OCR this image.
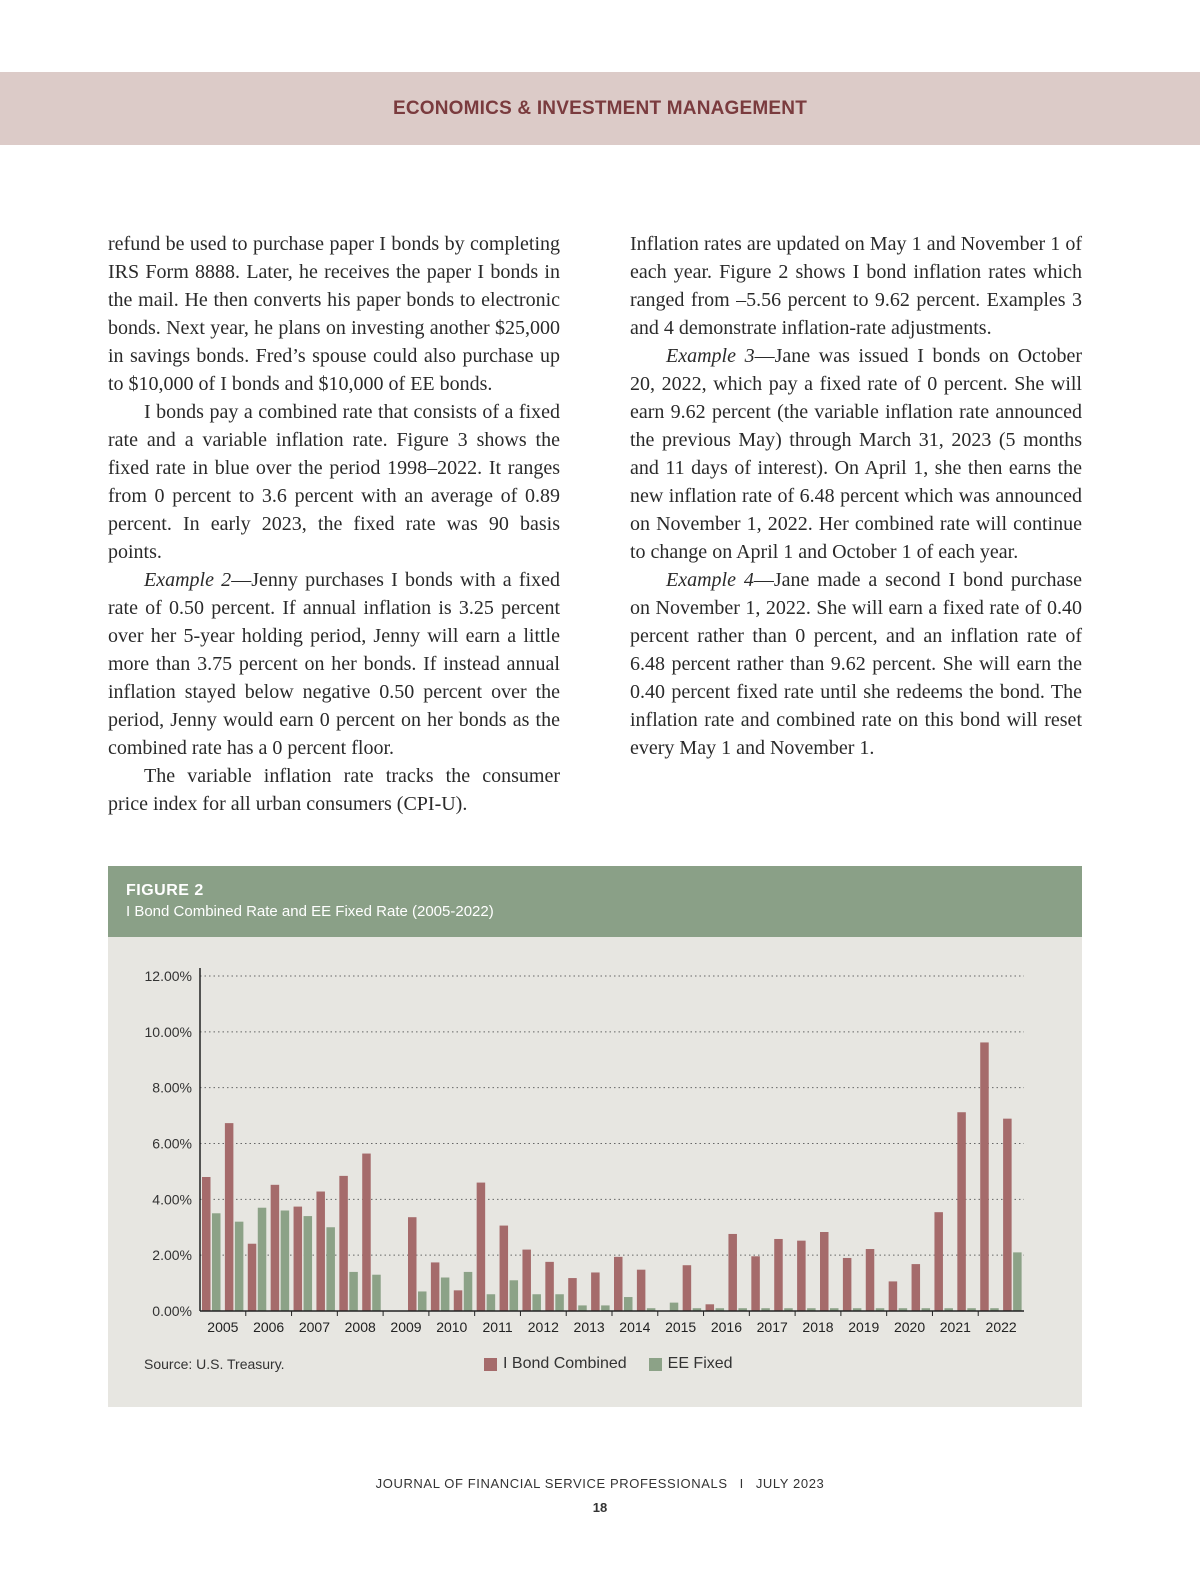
ECONOMICS & INVESTMENT MANAGEMENT

refund be used to purchase paper I bonds by completing IRS Form 8888. Later, he receives the paper I bonds in the mail. He then converts his paper bonds to electronic bonds. Next year, he plans on investing another $25,000 in savings bonds. Fred’s spouse could also purchase up to $10,000 of I bonds and $10,000 of EE bonds.

I bonds pay a combined rate that consists of a fixed rate and a variable inflation rate. Figure 3 shows the fixed rate in blue over the period 1998–2022. It ranges from 0 percent to 3.6 percent with an average of 0.89 percent. In early 2023, the fixed rate was 90 basis points.

Example 2—Jenny purchases I bonds with a fixed rate of 0.50 percent. If annual inflation is 3.25 percent over her 5-year holding period, Jenny will earn a little more than 3.75 percent on her bonds. If instead annual inflation stayed below negative 0.50 percent over the period, Jenny would earn 0 percent on her bonds as the combined rate has a 0 percent floor.

The variable inflation rate tracks the consumer price index for all urban consumers (CPI-U).

Inflation rates are updated on May 1 and November 1 of each year. Figure 2 shows I bond inflation rates which ranged from –5.56 percent to 9.62 percent. Examples 3 and 4 demonstrate inflation-rate adjustments.

Example 3—Jane was issued I bonds on October 20, 2022, which pay a fixed rate of 0 percent. She will earn 9.62 percent (the variable inflation rate announced the previous May) through March 31, 2023 (5 months and 11 days of interest). On April 1, she then earns the new inflation rate of 6.48 percent which was announced on November 1, 2022. Her combined rate will continue to change on April 1 and October 1 of each year.

Example 4—Jane made a second I bond purchase on November 1, 2022. She will earn a fixed rate of 0.40 percent rather than 0 percent, and an inflation rate of 6.48 percent rather than 9.62 percent. She will earn the 0.40 percent fixed rate until she redeems the bond. The inflation rate and combined rate on this bond will reset every May 1 and November 1.

FIGURE 2
I Bond Combined Rate and EE Fixed Rate (2005-2022)
0.00%
2.00%
4.00%
6.00%
8.00%
10.00%
12.00%
2005 2006 2007 2008 2009 2010 2011 2012 2013 2014 2015 2016 2017 2018 2019 2020 2021 2022
Source: U.S. Treasury.	I Bond Combined	EE Fixed
JOURNAL OF FINANCIAL SERVICE PROFESSIONALS I JULY 2023
18
